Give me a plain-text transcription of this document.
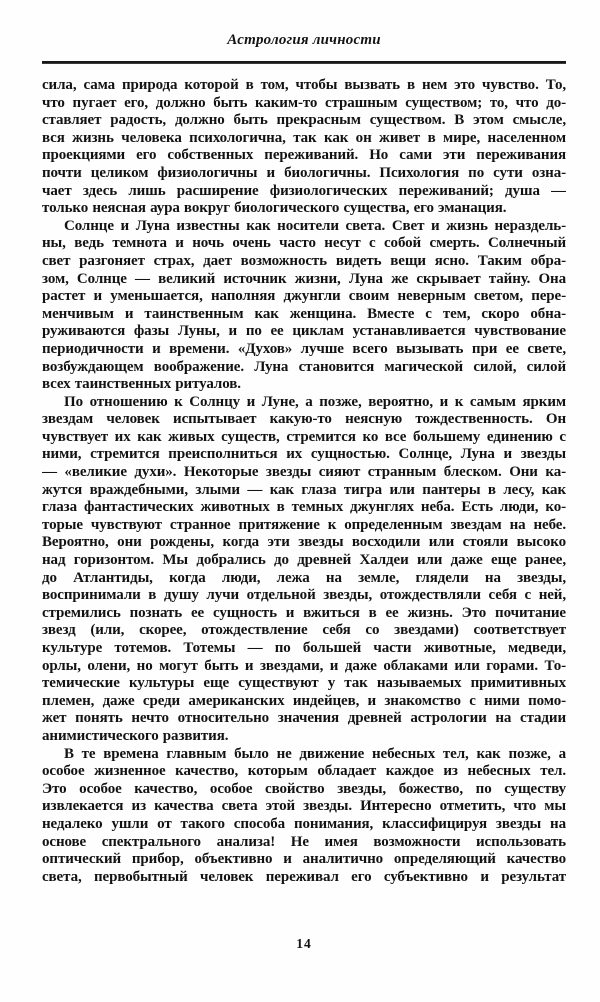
Астрология личности
сила, сама природа которой в том, чтобы вызвать в нем это чувство. То,
что пугает его, должно быть каким-то страшным существом; то, что до-
ставляет радость, должно быть прекрасным существом. В этом смысле,
вся жизнь человека психологична, так как он живет в мире, населенном
проекциями его собственных переживаний. Но сами эти переживания
почти целиком физиологичны и биологичны. Психология по сути озна-
чает здесь лишь расширение физиологических переживаний; душа —
только неясная аура вокруг биологического существа, его эманация.
Солнце и Луна известны как носители света. Свет и жизнь нераздель-
ны, ведь темнота и ночь очень часто несут с собой смерть. Солнечный
свет разгоняет страх, дает возможность видеть вещи ясно. Таким обра-
зом, Солнце — великий источник жизни, Луна же скрывает тайну. Она
растет и уменьшается, наполняя джунгли своим неверным светом, пере-
менчивым и таинственным как женщина. Вместе с тем, скоро обна-
руживаются фазы Луны, и по ее циклам устанавливается чувствование
периодичности и времени. «Духов» лучше всего вызывать при ее свете,
возбуждающем воображение. Луна становится магической силой, силой
всех таинственных ритуалов.
По отношению к Солнцу и Луне, а позже, вероятно, и к самым ярким
звездам человек испытывает какую-то неясную тождественность. Он
чувствует их как живых существ, стремится ко все большему единению с
ними, стремится преисполниться их сущностью. Солнце, Луна и звезды
— «великие духи». Некоторые звезды сияют странным блеском. Они ка-
жутся враждебными, злыми — как глаза тигра или пантеры в лесу, как
глаза фантастических животных в темных джунглях неба. Есть люди, ко-
торые чувствуют странное притяжение к определенным звездам на небе.
Вероятно, они рождены, когда эти звезды восходили или стояли высоко
над горизонтом. Мы добрались до древней Халдеи или даже еще ранее,
до Атлантиды, когда люди, лежа на земле, глядели на звезды,
воспринимали в душу лучи отдельной звезды, отождествляли себя с ней,
стремились познать ее сущность и вжиться в ее жизнь. Это почитание
звезд (или, скорее, отождествление себя со звездами) соответствует
культуре тотемов. Тотемы — по большей части животные, медведи,
орлы, олени, но могут быть и звездами, и даже облаками или горами. То-
темические культуры еще существуют у так называемых примитивных
племен, даже среди американских индейцев, и знакомство с ними помо-
жет понять нечто относительно значения древней астрологии на стадии
анимистического развития.
В те времена главным было не движение небесных тел, как позже, а
особое жизненное качество, которым обладает каждое из небесных тел.
Это особое качество, особое свойство звезды, божество, по существу
извлекается из качества света этой звезды. Интересно отметить, что мы
недалеко ушли от такого способа понимания, классифицируя звезды на
основе спектрального анализа! Не имея возможности использовать
оптический прибор, объективно и аналитично определяющий качество
света, первобытный человек переживал его субъективно и результат
14
